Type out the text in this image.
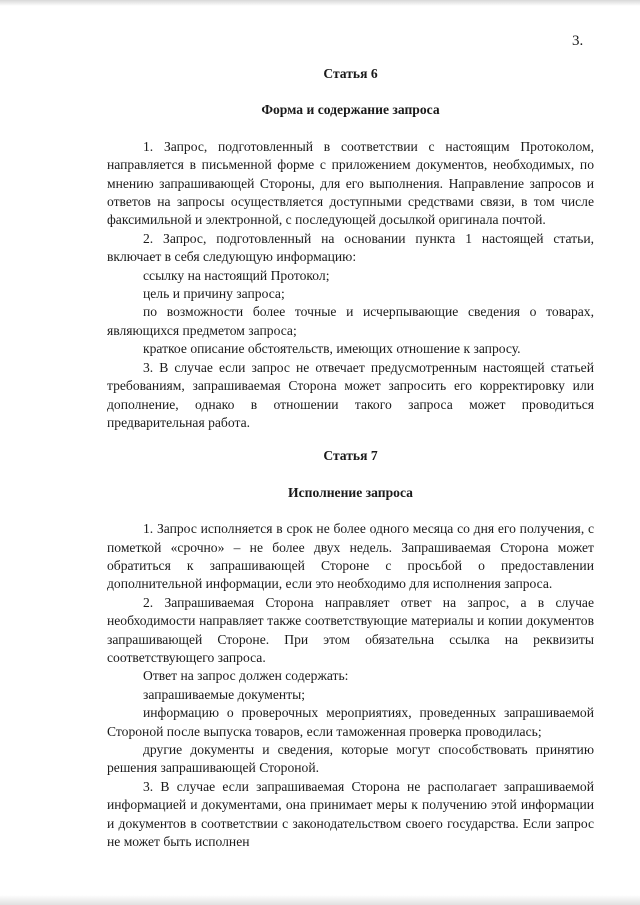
3.
Статья 6
Форма и содержание запроса

1. Запрос, подготовленный в соответствии с настоящим Протоколом, направляется в письменной форме с приложением документов, необходимых, по мнению запрашивающей Стороны, для его выполнения. Направление запросов и ответов на запросы осуществляется доступными средствами связи, в том числе факсимильной и электронной, с последующей досылкой оригинала почтой.

2. Запрос, подготовленный на основании пункта 1 настоящей статьи, включает в себя следующую информацию:

ссылку на настоящий Протокол;

цель и причину запроса;

по возможности более точные и исчерпывающие сведения о товарах, являющихся предметом запроса;

краткое описание обстоятельств, имеющих отношение к запросу.

3. В случае если запрос не отвечает предусмотренным настоящей статьей требованиям, запрашиваемая Сторона может запросить его корректировку или дополнение, однако в отношении такого запроса может проводиться предварительная работа.

Статья 7
Исполнение запроса

1. Запрос исполняется в срок не более одного месяца со дня его получения, с пометкой «срочно» – не более двух недель. Запрашиваемая Сторона может обратиться к запрашивающей Стороне с просьбой о предоставлении дополнительной информации, если это необходимо для исполнения запроса.

2. Запрашиваемая Сторона направляет ответ на запрос, а в случае необходимости направляет также соответствующие материалы и копии документов запрашивающей Стороне. При этом обязательна ссылка на реквизиты соответствующего запроса.

Ответ на запрос должен содержать:

запрашиваемые документы;

информацию о проверочных мероприятиях, проведенных запрашиваемой Стороной после выпуска товаров, если таможенная проверка проводилась;

другие документы и сведения, которые могут способствовать принятию решения запрашивающей Стороной.

3. В случае если запрашиваемая Сторона не располагает запрашиваемой информацией и документами, она принимает меры к получению этой информации и документов в соответствии с законодательством своего государства. Если запрос не может быть исполнен
